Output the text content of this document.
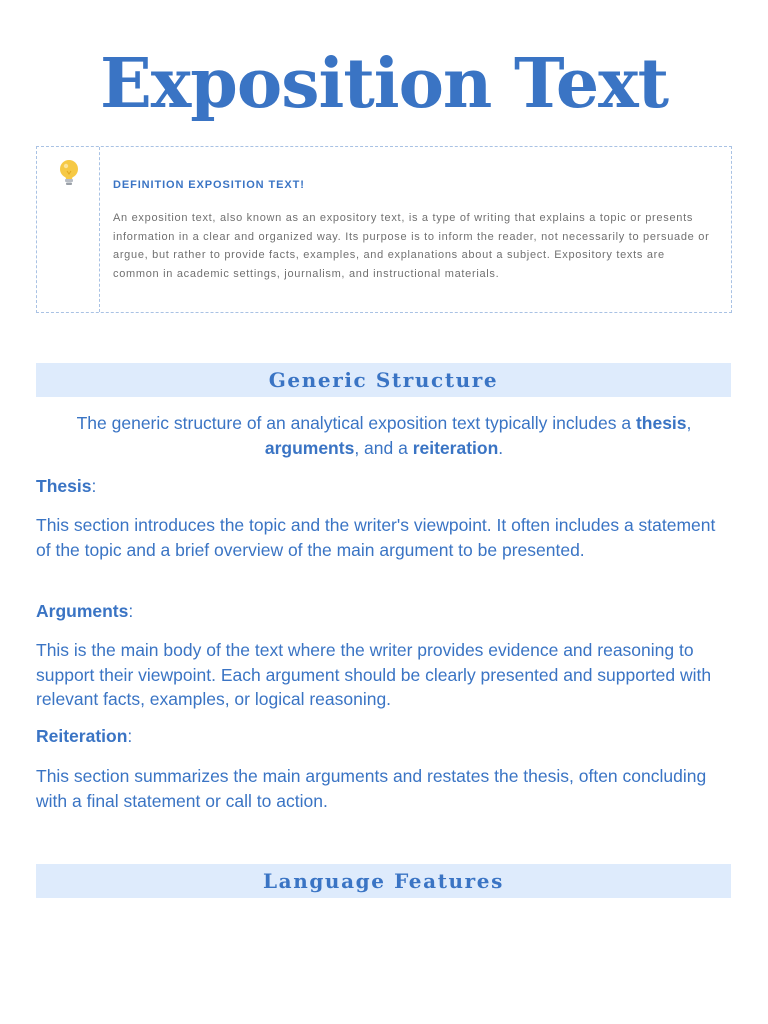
Exposition Text
DEFINITION EXPOSITION TEXT!

An exposition text, also known as an expository text, is a type of writing that explains a topic or presents information in a clear and organized way. Its purpose is to inform the reader, not necessarily to persuade or argue, but rather to provide facts, examples, and explanations about a subject. Expository texts are common in academic settings, journalism, and instructional materials.

Generic Structure

The generic structure of an analytical exposition text typically includes a thesis, arguments, and a reiteration.

Thesis:

This section introduces the topic and the writer's viewpoint. It often includes a statement of the topic and a brief overview of the main argument to be presented.

Arguments:

This is the main body of the text where the writer provides evidence and reasoning to support their viewpoint. Each argument should be clearly presented and supported with relevant facts, examples, or logical reasoning.

Reiteration:

This section summarizes the main arguments and restates the thesis, often concluding with a final statement or call to action.

Language Features
